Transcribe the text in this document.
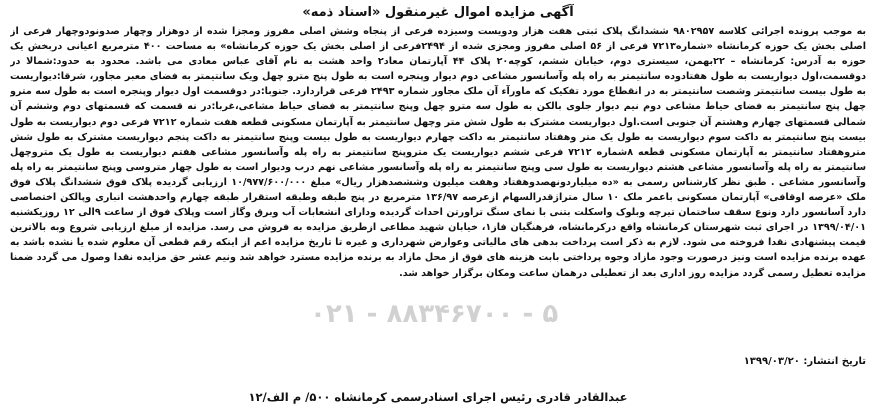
آگهی مزایده اموال غیرمنقول «اسناد ذمه»
به موجب پرونده اجرائی کلاسه ۹۸۰۲۹۵۷ ششدانگ پلاک ثبتی هفت هزار ودویست وسیزده فرعی از پنجاه وشش اصلی مفروز ومجزا شده از دوهزار وچهار صدونودوچهار فرعی از اصلی بخش یک حوزه کرمانشاه «شماره۷۲۱۳ فرعی از ۵۶ اصلی مفروز ومجزی شده از ۲۴۹۴فرعی از اصلی بخش یک حوزه کرمانشاه» به مساحت ۴۰۰ مترمربع اعیانی دربخش یک حوزه به آدرس: کرمانشاه – ۲۲بهمن، سیستری دوم، خیابان ششم، کوچه۲۰ پلاک ۴۴ آپارتمان معاد۲ واحد هشت به نام آقای عباس معادی می باشد. محدود به حدود:شمالا در دوقسمت،اول دیواریست به طول هفتادوده سانتیمتر به راه پله وآسانسور مشاعی دوم دیوار وپنجره است به طول پنج مترو چهل ویک سانتیمتر به فضای معبر مجاور، شرقا:دیواریست به طول بیست سانتیمتر وشصت سانتیمتر به در انقطاع مورد تفکیک که ماورآء آن ملک مجاور شماره ۲۴۹۳ فرعی قراردارد. جنوبا:در دوقسمت اول دیوار وپنجره است به طول سه مترو چهل پنج سانتیمتر به فضای حیاط مشاعی دوم نیم دیوار جلوی بالکن به طول سه مترو چهل وپنج سانتیمتر به فضای حیاط مشاعی،غربا:در نه قسمت که قسمتهای دوم وششم آن شمالی قسمتهای چهارم وهشتم آن جنوبی است.اول دیواریست مشترک به طول شش متر وچهل سانتیمتر به آپارتمان مسکونی قطعه هفت شماره ۷۲۱۲ فرعی دوم دیواریست به طول بیست پنج سانتیمتر به داکت سوم دیواریست به طول یک متر وهفتاد سانتیمتر به داکت چهارم دیواریست به طول بیست وپنج سانتیمتر به داکت پنجم دیواریست مشترک به طول شش متروهفتاد سانتیمتر به آپارتمان مسکونی قطعه ۸شماره ۷۲۱۲ فرعی ششم دیواریست یک متروپنج سانتیمتر به راه پله وآسانسور مشاعی هفتم دیواریست به طول یک متروچهل سانتیمتر به راه پله وآسانسور مشاعی هشتم دیواریست به طول سی وپنج سانتیمتر به راه پله وآسانسور مشاعی نهم درب ودیوار است به طول چهار متروسی وپنج سانتیمتر به راه پله وآسانسور مشاعی . طبق نظر کارشناس رسمی به «ده میلیاردونهصدوهفتاد وهفت میلیون وششصدهزار ریال» مبلغ ۱۰/۹۷۷/۶۰۰/۰۰۰ ارزیابی گردیده پلاک فوق ششدانگ پلاک فوق ملک «عرصه اوقافی» آپارتمان مسکونی باعمر ملک ۱۰ سال متراژقدرالسهام ازعرصه ۱۳۶/۹۷ مترمربع در پنج طبقه وطبقه استقرار طبقه چهارم واحدهشت انباری وپالکن اختصاصی دارد آسانسور دارد ونوع سقف ساختمان تیرچه وبلوک واسکلت بتنی با نمای سنگ تراورتن احداث گردیده ودارای انشعابات آب وبرق وگاز است وپلاک فوق از ساعت ۹الی ۱۲ روزیکشنبه ۱۳۹۹/۰۴/۰۱ در اجرای ثبت شهرستان کرمانشاه واقع درکرمانشاه، فرهنگیان فاز۱، خیابان شهید مطاعی ازطریق مزایده به فروش می رسد. مزایده از مبلغ ارزیابی شروع وبه بالاترین قیمت پیشنهادی نقدا فروخته می شود. لازم به ذکر است پرداخت بدهی های مالیاتی وعوارض شهرداری و غیره تا تاریخ مزایده اعم از اینکه رقم قطعی آن معلوم شده یا نشده باشد به عهده برنده مزایده است ونیز درصورت وجود مازاد وجوه پرداختی بابت هزینه های فوق از محل مازاد به برنده مزایده مسترد خواهد شد ونیم عشر حق مزایده نقدا وصول می گردد ضمنا مزایده تعطیل رسمی گردد مزایده روز اداری بعد از تعطیلی درهمان ساعت ومکان برگزار خواهد شد.
تاریخ انتشار: ۱۳۹۹/۰۳/۲۰
۰۲۱ - ۸۸۳۴۶۷۰۰ - ۵
عبدالقادر قادری رئیس اجرای اسنادرسمی کرمانشاه ۵۰۰/ م الف/۱۲
